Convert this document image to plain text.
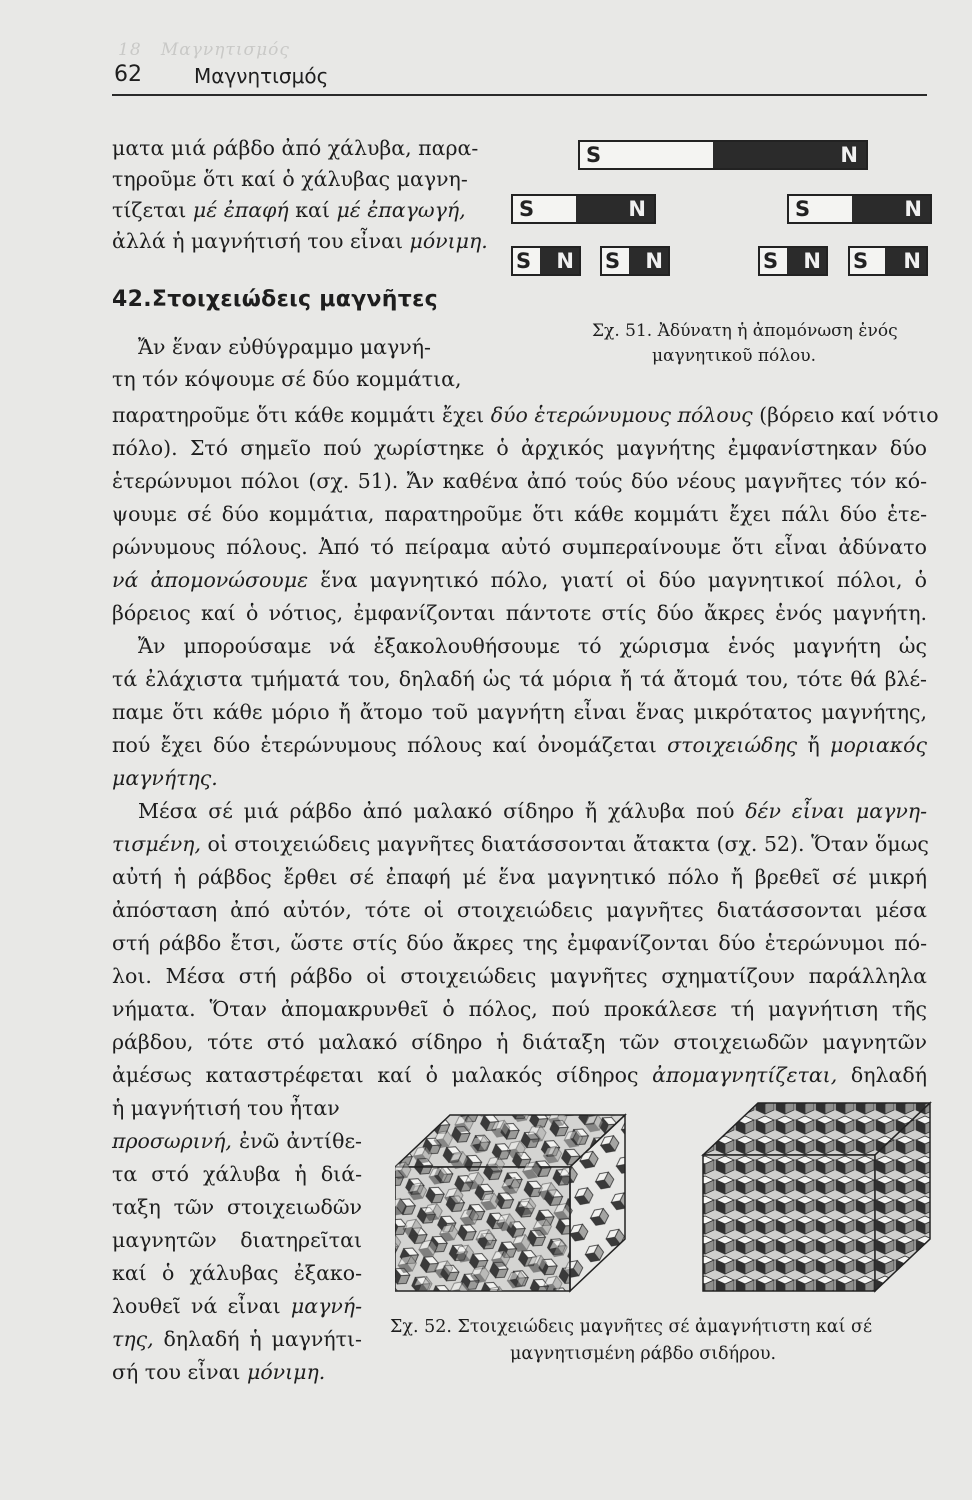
18   Μαγνητισμός
62	Μαγνητισμός
ματα μιά ράβδο ἀπό χάλυβα, παρα-
τηροῦμε ὅτι καί ὁ χάλυβας μαγνη-
τίζεται μέ ἐπαφή καί μέ ἐπαγωγή,
ἀλλά ἡ μαγνήτισή του εἶναι μόνιμη.
S	N
S	N	S	N
S	N S	N	S	N S	N
Σχ. 51. Ἀδύνατη ἡ ἀπομόνωση ἑνός
μαγνητικοῦ πόλου.
42.Στοιχειώδεις μαγνῆτες
Ἄν ἕναν εὐθύγραμμο μαγνή-
τη τόν κόψουμε σέ δύο κομμάτια,
παρατηροῦμε ὅτι κάθε κομμάτι ἔχει δύο ἑτερώνυμους πόλους (βόρειο καί νότιο
πόλο). Στό σημεῖο πού χωρίστηκε ὁ ἀρχικός μαγνήτης ἐμφανίστηκαν δύο
ἑτερώνυμοι πόλοι (σχ. 51). Ἄν καθένα ἀπό τούς δύο νέους μαγνῆτες τόν κό-
ψουμε σέ δύο κομμάτια, παρατηροῦμε ὅτι κάθε κομμάτι ἔχει πάλι δύο ἑτε-
ρώνυμους πόλους. Ἀπό τό πείραμα αὐτό συμπεραίνουμε ὅτι εἶναι ἀδύνατο
νά ἀπομονώσουμε ἕνα μαγνητικό πόλο, γιατί οἱ δύο μαγνητικοί πόλοι, ὁ
βόρειος καί ὁ νότιος, ἐμφανίζονται πάντοτε στίς δύο ἄκρες ἑνός μαγνήτη.
Ἄν μπορούσαμε νά ἐξακολουθήσουμε τό χώρισμα ἑνός μαγνήτη ὡς
τά ἐλάχιστα τμήματά του, δηλαδή ὡς τά μόρια ἤ τά ἄτομά του, τότε θά βλέ-
παμε ὅτι κάθε μόριο ἤ ἄτομο τοῦ μαγνήτη εἶναι ἕνας μικρότατος μαγνήτης,
πού ἔχει δύο ἑτερώνυμους πόλους καί ὀνομάζεται στοιχειώδης ἤ μοριακός
μαγνήτης.
Μέσα σέ μιά ράβδο ἀπό μαλακό σίδηρο ἤ χάλυβα πού δέν εἶναι μαγνη-
τισμένη, οἱ στοιχειώδεις μαγνῆτες διατάσσονται ἄτακτα (σχ. 52). Ὅταν ὅμως
αὐτή ἡ ράβδος ἔρθει σέ ἐπαφή μέ ἕνα μαγνητικό πόλο ἤ βρεθεῖ σέ μικρή
ἀπόσταση ἀπό αὐτόν, τότε οἱ στοιχειώδεις μαγνῆτες διατάσσονται μέσα
στή ράβδο ἔτσι, ὥστε στίς δύο ἄκρες της ἐμφανίζονται δύο ἑτερώνυμοι πό-
λοι. Μέσα στή ράβδο οἱ στοιχειώδεις μαγνῆτες σχηματίζουν παράλληλα
νήματα. Ὅταν ἀπομακρυνθεῖ ὁ πόλος, πού προκάλεσε τή μαγνήτιση τῆς
ράβδου, τότε στό μαλακό σίδηρο ἡ διάταξη τῶν στοιχειωδῶν μαγνητῶν
ἀμέσως καταστρέφεται καί ὁ μαλακός σίδηρος ἀπομαγνητίζεται, δηλαδή
ἡ μαγνήτισή του ἦταν
προσωρινή, ἐνῶ ἀντίθε-
τα στό χάλυβα ἡ διά-
ταξη τῶν στοιχειωδῶν
μαγνητῶν διατηρεῖται
καί ὁ χάλυβας ἐξακο-
λουθεῖ νά εἶναι μαγνή-
της, δηλαδή ἡ μαγνήτι-
σή του εἶναι μόνιμη.
Σχ. 52. Στοιχειώδεις μαγνῆτες σέ ἀμαγνήτιστη καί σέ
μαγνητισμένη ράβδο σιδήρου.
